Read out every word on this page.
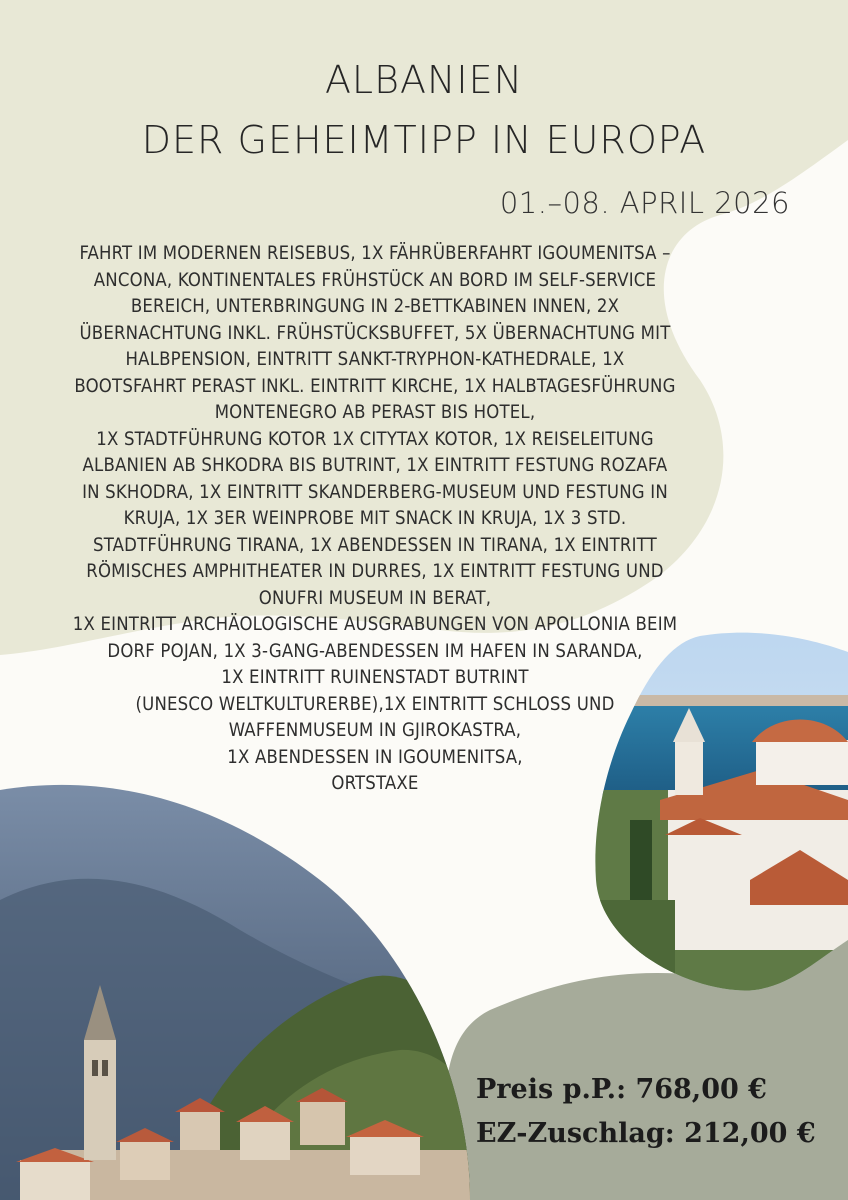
ALBANIEN
DER GEHEIMTIPP IN EUROPA
01.–08. APRIL 2026
FAHRT IM MODERNEN REISEBUS, 1X FÄHRÜBERFAHRT IGOUMENITSA –
ANCONA, KONTINENTALES FRÜHSTÜCK AN BORD IM SELF-SERVICE
BEREICH, UNTERBRINGUNG IN 2-BETTKABINEN INNEN, 2X
ÜBERNACHTUNG INKL. FRÜHSTÜCKSBUFFET, 5X ÜBERNACHTUNG MIT
HALBPENSION, EINTRITT SANKT-TRYPHON-KATHEDRALE, 1X
BOOTSFAHRT PERAST INKL. EINTRITT KIRCHE, 1X HALBTAGESFÜHRUNG
MONTENEGRO AB PERAST BIS HOTEL,
1X STADTFÜHRUNG KOTOR 1X CITYTAX KOTOR, 1X REISELEITUNG
ALBANIEN AB SHKODRA BIS BUTRINT, 1X EINTRITT FESTUNG ROZAFA
IN SKHODRA, 1X EINTRITT SKANDERBERG-MUSEUM UND FESTUNG IN
KRUJA, 1X 3ER WEINPROBE MIT SNACK IN KRUJA, 1X 3 STD.
STADTFÜHRUNG TIRANA, 1X ABENDESSEN IN TIRANA, 1X EINTRITT
RÖMISCHES AMPHITHEATER IN DURRES, 1X EINTRITT FESTUNG UND
ONUFRI MUSEUM IN BERAT,
1X EINTRITT ARCHÄOLOGISCHE AUSGRABUNGEN VON APOLLONIA BEIM
DORF POJAN, 1X 3-GANG-ABENDESSEN IM HAFEN IN SARANDA,
1X EINTRITT RUINENSTADT BUTRINT
(UNESCO WELTKULTURERBE),1X EINTRITT SCHLOSS UND
WAFFENMUSEUM IN GJIROKASTRA,
1X ABENDESSEN IN IGOUMENITSA,
ORTSTAXE
Preis p.P.: 768,00 €
EZ-Zuschlag: 212,00 €
